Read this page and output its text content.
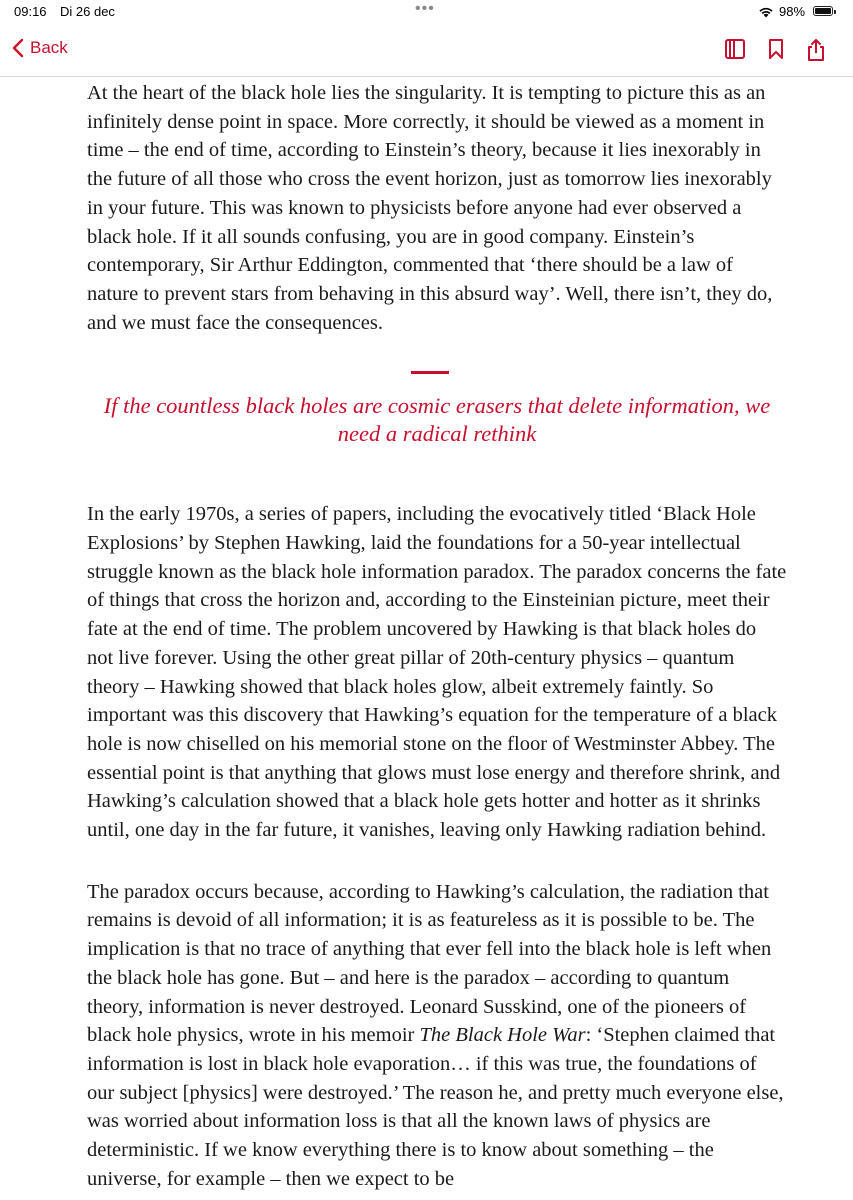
09:16 Di 26 dec	•••	98%
Back

At the heart of the black hole lies the singularity. It is tempting to picture this as an infinitely dense point in space. More correctly, it should be viewed as a moment in time – the end of time, according to Einstein’s theory, because it lies inexorably in the future of all those who cross the event horizon, just as tomorrow lies inexorably in your future. This was known to physicists before anyone had ever observed a black hole. If it all sounds confusing, you are in good company. Einstein’s contemporary, Sir Arthur Eddington, commented that ‘there should be a law of nature to prevent stars from behaving in this absurd way’. Well, there isn’t, they do, and we must face the consequences.

If the countless black holes are cosmic erasers that delete information, we need a radical rethink

In the early 1970s, a series of papers, including the evocatively titled ‘Black Hole Explosions’ by Stephen Hawking, laid the foundations for a 50-year intellectual struggle known as the black hole information paradox. The paradox concerns the fate of things that cross the horizon and, according to the Einsteinian picture, meet their fate at the end of time. The problem uncovered by Hawking is that black holes do not live forever. Using the other great pillar of 20th-century physics – quantum theory – Hawking showed that black holes glow, albeit extremely faintly. So important was this discovery that Hawking’s equation for the temperature of a black hole is now chiselled on his memorial stone on the floor of Westminster Abbey. The essential point is that anything that glows must lose energy and therefore shrink, and Hawking’s calculation showed that a black hole gets hotter and hotter as it shrinks until, one day in the far future, it vanishes, leaving only Hawking radiation behind.

The paradox occurs because, according to Hawking’s calculation, the radiation that remains is devoid of all information; it is as featureless as it is possible to be. The implication is that no trace of anything that ever fell into the black hole is left when the black hole has gone. But – and here is the paradox – according to quantum theory, information is never destroyed. Leonard Susskind, one of the pioneers of black hole physics, wrote in his memoir The Black Hole War: ‘Stephen claimed that information is lost in black hole evaporation… if this was true, the foundations of our subject [physics] were destroyed.’ The reason he, and pretty much everyone else, was worried about information loss is that all the known laws of physics are deterministic. If we know everything there is to know about something – the universe, for example – then we expect to be
